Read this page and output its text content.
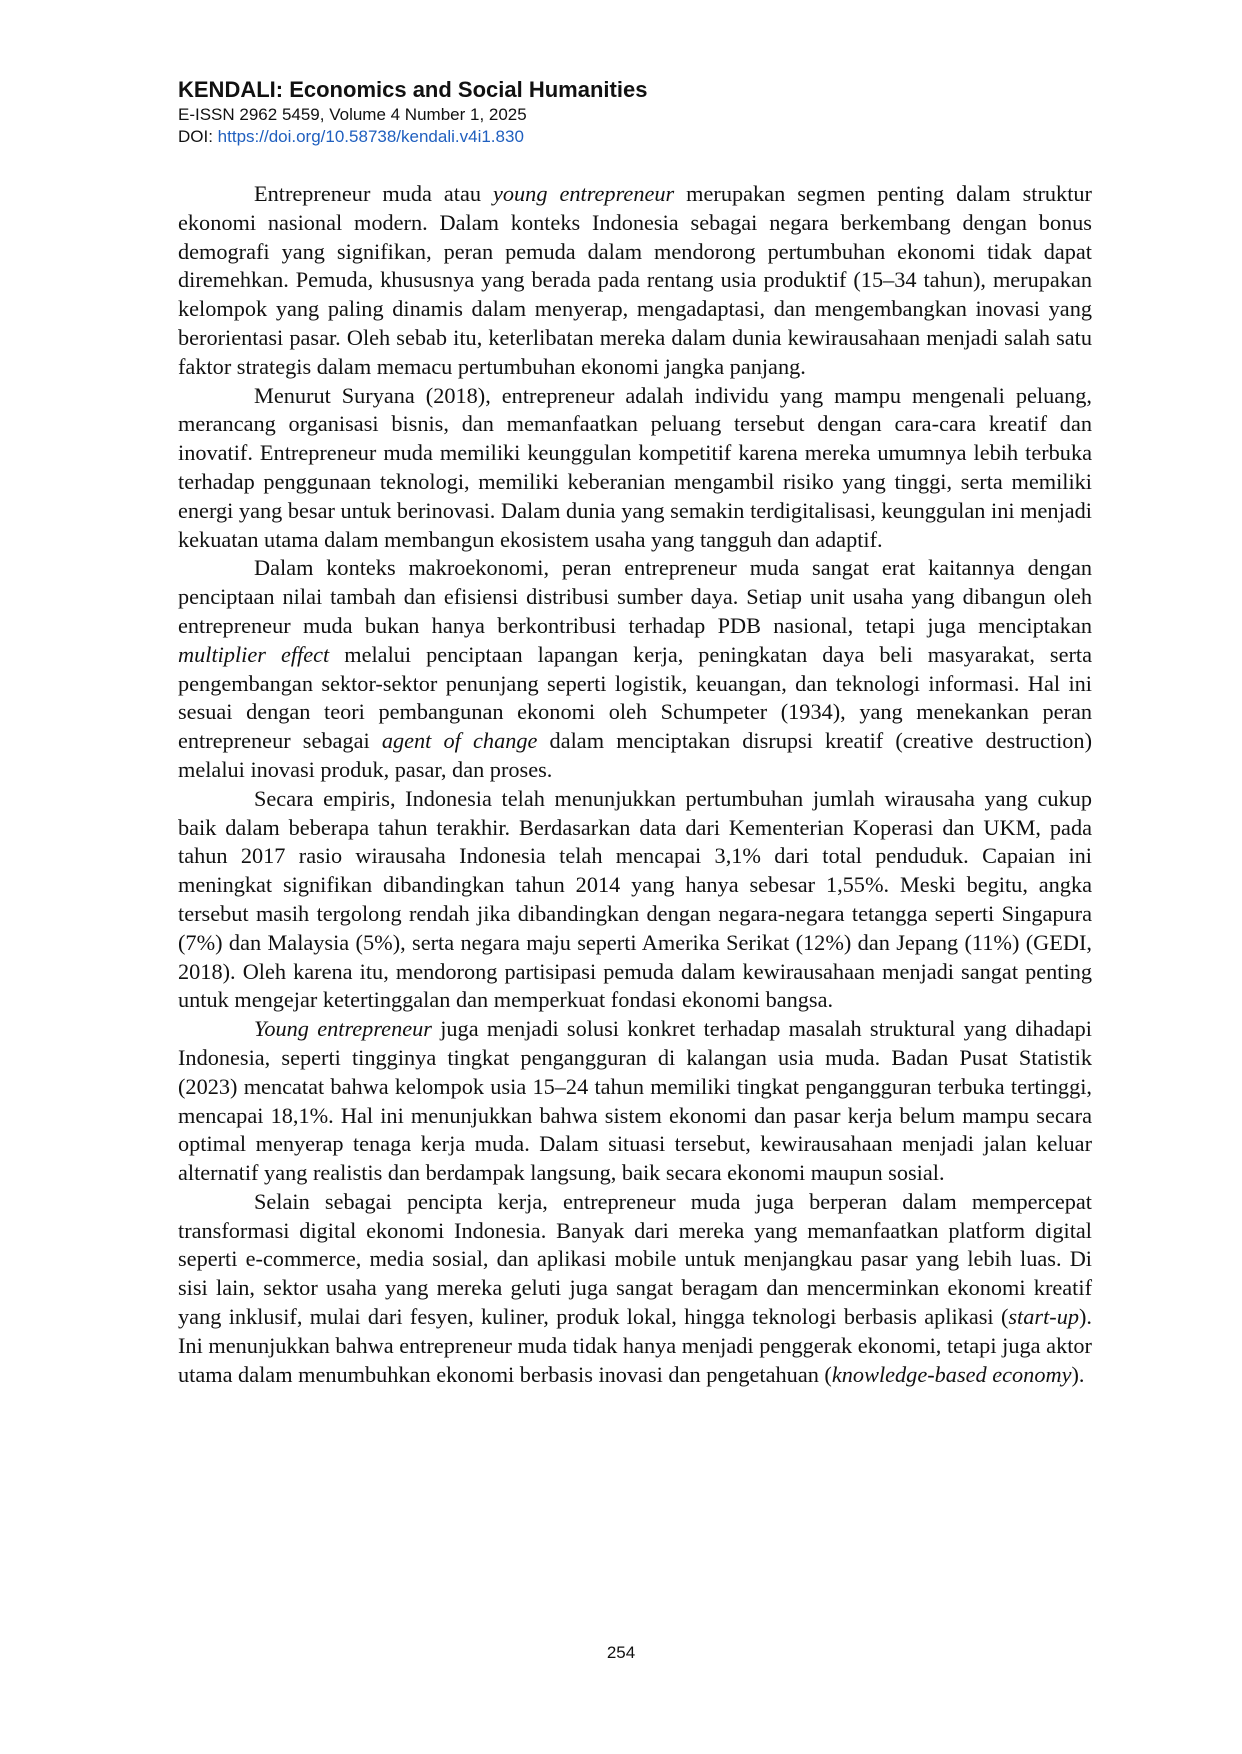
KENDALI: Economics and Social Humanities
E-ISSN 2962 5459, Volume 4 Number 1, 2025
DOI: https://doi.org/10.58738/kendali.v4i1.830

Entrepreneur muda atau young entrepreneur merupakan segmen penting dalam struktur ekonomi nasional modern. Dalam konteks Indonesia sebagai negara berkembang dengan bonus demografi yang signifikan, peran pemuda dalam mendorong pertumbuhan ekonomi tidak dapat diremehkan. Pemuda, khususnya yang berada pada rentang usia produktif (15–34 tahun), merupakan kelompok yang paling dinamis dalam menyerap, mengadaptasi, dan mengembangkan inovasi yang berorientasi pasar. Oleh sebab itu, keterlibatan mereka dalam dunia kewirausahaan menjadi salah satu faktor strategis dalam memacu pertumbuhan ekonomi jangka panjang.

Menurut Suryana (2018), entrepreneur adalah individu yang mampu mengenali peluang, merancang organisasi bisnis, dan memanfaatkan peluang tersebut dengan cara-cara kreatif dan inovatif. Entrepreneur muda memiliki keunggulan kompetitif karena mereka umumnya lebih terbuka terhadap penggunaan teknologi, memiliki keberanian mengambil risiko yang tinggi, serta memiliki energi yang besar untuk berinovasi. Dalam dunia yang semakin terdigitalisasi, keunggulan ini menjadi kekuatan utama dalam membangun ekosistem usaha yang tangguh dan adaptif.

Dalam konteks makroekonomi, peran entrepreneur muda sangat erat kaitannya dengan penciptaan nilai tambah dan efisiensi distribusi sumber daya. Setiap unit usaha yang dibangun oleh entrepreneur muda bukan hanya berkontribusi terhadap PDB nasional, tetapi juga menciptakan multiplier effect melalui penciptaan lapangan kerja, peningkatan daya beli masyarakat, serta pengembangan sektor-sektor penunjang seperti logistik, keuangan, dan teknologi informasi. Hal ini sesuai dengan teori pembangunan ekonomi oleh Schumpeter (1934), yang menekankan peran entrepreneur sebagai agent of change dalam menciptakan disrupsi kreatif (creative destruction) melalui inovasi produk, pasar, dan proses.

Secara empiris, Indonesia telah menunjukkan pertumbuhan jumlah wirausaha yang cukup baik dalam beberapa tahun terakhir. Berdasarkan data dari Kementerian Koperasi dan UKM, pada tahun 2017 rasio wirausaha Indonesia telah mencapai 3,1% dari total penduduk. Capaian ini meningkat signifikan dibandingkan tahun 2014 yang hanya sebesar 1,55%. Meski begitu, angka tersebut masih tergolong rendah jika dibandingkan dengan negara-negara tetangga seperti Singapura (7%) dan Malaysia (5%), serta negara maju seperti Amerika Serikat (12%) dan Jepang (11%) (GEDI, 2018). Oleh karena itu, mendorong partisipasi pemuda dalam kewirausahaan menjadi sangat penting untuk mengejar ketertinggalan dan memperkuat fondasi ekonomi bangsa.

Young entrepreneur juga menjadi solusi konkret terhadap masalah struktural yang dihadapi Indonesia, seperti tingginya tingkat pengangguran di kalangan usia muda. Badan Pusat Statistik (2023) mencatat bahwa kelompok usia 15–24 tahun memiliki tingkat pengangguran terbuka tertinggi, mencapai 18,1%. Hal ini menunjukkan bahwa sistem ekonomi dan pasar kerja belum mampu secara optimal menyerap tenaga kerja muda. Dalam situasi tersebut, kewirausahaan menjadi jalan keluar alternatif yang realistis dan berdampak langsung, baik secara ekonomi maupun sosial.

Selain sebagai pencipta kerja, entrepreneur muda juga berperan dalam mempercepat transformasi digital ekonomi Indonesia. Banyak dari mereka yang memanfaatkan platform digital seperti e-commerce, media sosial, dan aplikasi mobile untuk menjangkau pasar yang lebih luas. Di sisi lain, sektor usaha yang mereka geluti juga sangat beragam dan mencerminkan ekonomi kreatif yang inklusif, mulai dari fesyen, kuliner, produk lokal, hingga teknologi berbasis aplikasi (start-up). Ini menunjukkan bahwa entrepreneur muda tidak hanya menjadi penggerak ekonomi, tetapi juga aktor utama dalam menumbuhkan ekonomi berbasis inovasi dan pengetahuan (knowledge-based economy).

254
